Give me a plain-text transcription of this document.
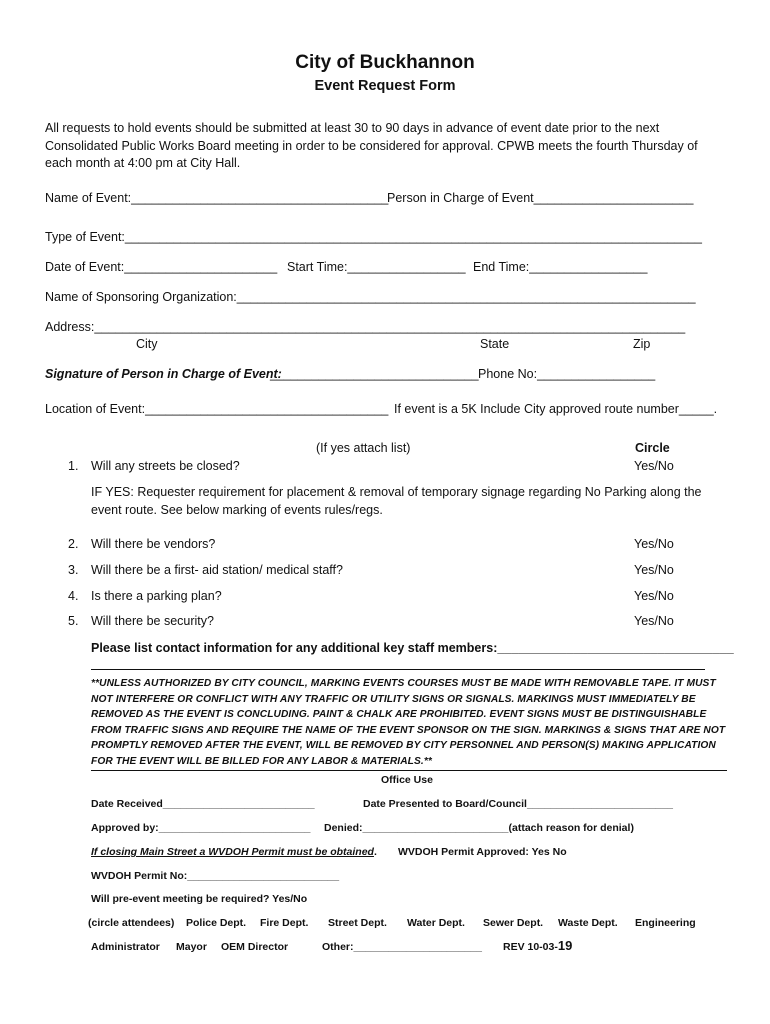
City of Buckhannon
Event Request Form
All requests to hold events should be submitted at least 30 to 90 days in advance of event date prior to the next Consolidated Public Works Board meeting in order to be considered for approval. CPWB meets the fourth Thursday of each month at 4:00 pm at City Hall.
Name of Event:_____________________________________
Person in Charge of Event_______________________
Type of Event:___________________________________________________________________________________
Date of Event:______________________ Start Time:_________________ End Time:_________________
Name of Sponsoring Organization:__________________________________________________________________
Address:_____________________________________________________________________________________
City	State	Zip
Signature of Person in Charge of Event:
______________________________ Phone No:_________________
Location of Event:___________________________________ If event is a 5K Include City approved route number_____.
(If yes attach list)	Circle
1. Will any streets be closed?	Yes/No
IF YES: Requester requirement for placement & removal of temporary signage regarding No Parking along the event route. See below marking of events rules/regs.
2. Will there be vendors?	Yes/No
3. Will there be a first- aid station/ medical staff?	Yes/No
4. Is there a parking plan?	Yes/No
5. Will there be security?	Yes/No
Please list contact information for any additional key staff members:__________________________________
**UNLESS AUTHORIZED BY CITY COUNCIL, MARKING EVENTS COURSES MUST BE MADE WITH REMOVABLE TAPE. IT MUST NOT INTERFERE OR CONFLICT WITH ANY TRAFFIC OR UTILITY SIGNS OR SIGNALS. MARKINGS MUST IMMEDIATELY BE REMOVED AS THE EVENT IS CONCLUDING. PAINT & CHALK ARE PROHIBITED. EVENT SIGNS MUST BE DISTINGUISHABLE FROM TRAFFIC SIGNS AND REQUIRE THE NAME OF THE EVENT SPONSOR ON THE SIGN. MARKINGS & SIGNS THAT ARE NOT PROMPTLY REMOVED AFTER THE EVENT, WILL BE REMOVED BY CITY PERSONNEL AND PERSON(S) MAKING APPLICATION FOR THE EVENT WILL BE BILLED FOR ANY LABOR & MATERIALS.**
Office Use
Date Received__________________________	Date Presented to Board/Council_________________________
Approved by:__________________________ Denied:_________________________(attach reason for denial)
If closing Main Street a WVDOH Permit must be obtained. WVDOH Permit Approved: Yes No
WVDOH Permit No:__________________________
Will pre-event meeting be required? Yes/No
(circle attendees) Police Dept. Fire Dept. Street Dept. Water Dept. Sewer Dept. Waste Dept. Engineering
Administrator Mayor OEM Director	Other:______________________ REV 10-03-19
